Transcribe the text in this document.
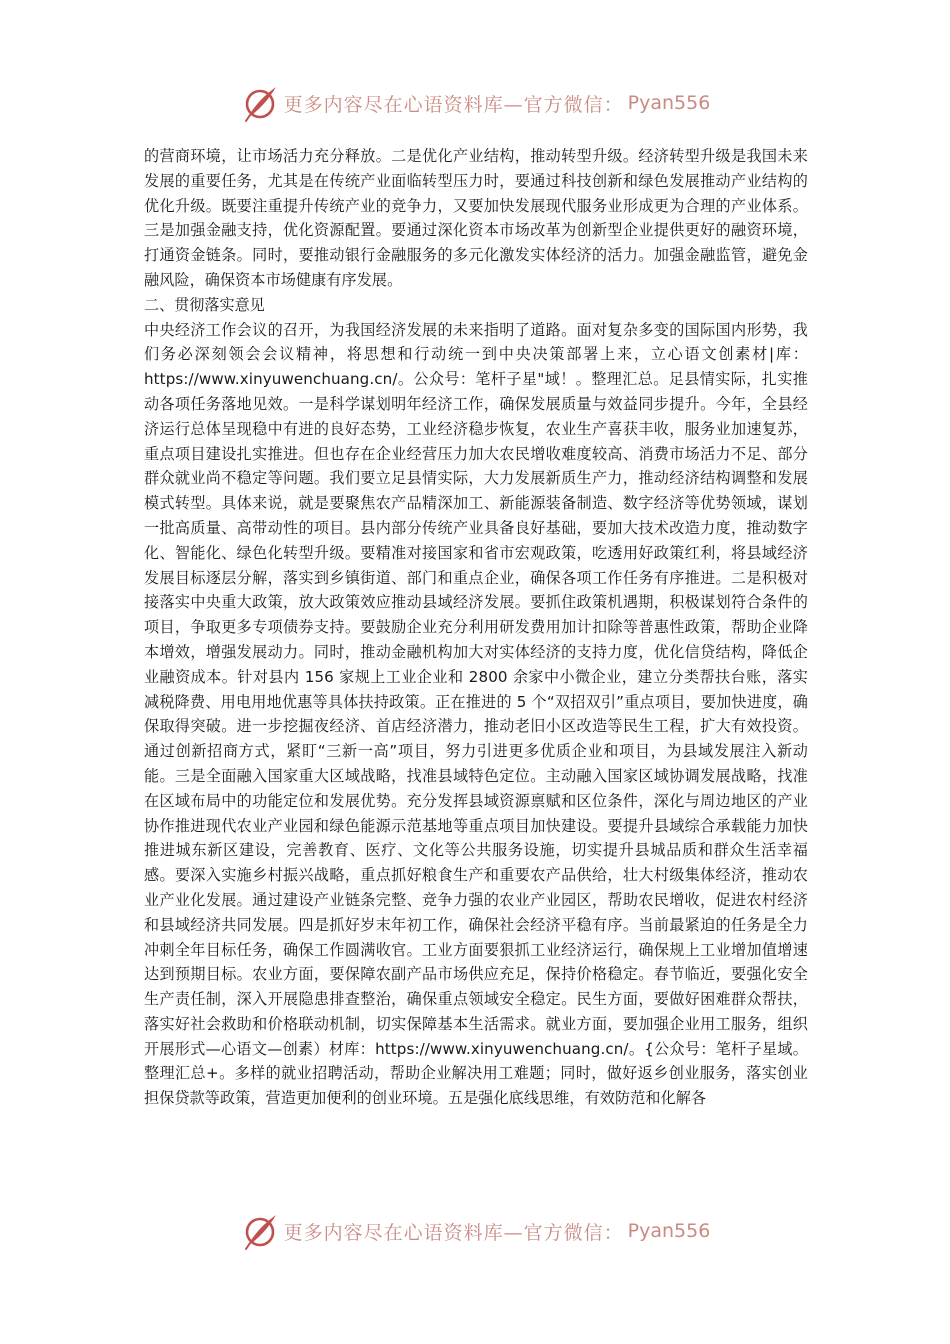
更多内容尽在心语资料库—官方微信： Pyan556

的营商环境，让市场活力充分释放。二是优化产业结构，推动转型升级。经济转型升级是我国未来发展的重要任务，尤其是在传统产业面临转型压力时，要通过科技创新和绿色发展推动产业结构的优化升级。既要注重提升传统产业的竞争力，又要加快发展现代服务业形成更为合理的产业体系。三是加强金融支持，优化资源配置。要通过深化资本市场改革为创新型企业提供更好的融资环境，打通资金链条。同时，要推动银行金融服务的多元化激发实体经济的活力。加强金融监管，避免金融风险，确保资本市场健康有序发展。

二、贯彻落实意见

中央经济工作会议的召开，为我国经济发展的未来指明了道路。面对复杂多变的国际国内形势，我们务必深刻领会会议精神，将思想和行动统一到中央决策部署上来，立心语文创素材|库：https://www.xinyuwenchuang.cn/。公众号：笔杆子星"域！。整理汇总。足县情实际，扎实推动各项任务落地见效。一是科学谋划明年经济工作，确保发展质量与效益同步提升。今年，全县经济运行总体呈现稳中有进的良好态势，工业经济稳步恢复，农业生产喜获丰收，服务业加速复苏，重点项目建设扎实推进。但也存在企业经营压力加大农民增收难度较高、消费市场活力不足、部分群众就业尚不稳定等问题。我们要立足县情实际，大力发展新质生产力，推动经济结构调整和发展模式转型。具体来说，就是要聚焦农产品精深加工、新能源装备制造、数字经济等优势领域，谋划一批高质量、高带动性的项目。县内部分传统产业具备良好基础，要加大技术改造力度，推动数字化、智能化、绿色化转型升级。要精准对接国家和省市宏观政策，吃透用好政策红利，将县域经济发展目标逐层分解，落实到乡镇街道、部门和重点企业，确保各项工作任务有序推进。二是积极对接落实中央重大政策，放大政策效应推动县域经济发展。要抓住政策机遇期，积极谋划符合条件的项目，争取更多专项债券支持。要鼓励企业充分利用研发费用加计扣除等普惠性政策，帮助企业降本增效，增强发展动力。同时，推动金融机构加大对实体经济的支持力度，优化信贷结构，降低企业融资成本。针对县内 156 家规上工业企业和 2800 余家中小微企业，建立分类帮扶台账，落实减税降费、用电用地优惠等具体扶持政策。正在推进的 5 个“双招双引”重点项目，要加快进度，确保取得突破。进一步挖掘夜经济、首店经济潜力，推动老旧小区改造等民生工程，扩大有效投资。通过创新招商方式，紧盯“三新一高”项目，努力引进更多优质企业和项目，为县域发展注入新动能。三是全面融入国家重大区域战略，找准县域特色定位。主动融入国家区域协调发展战略，找准在区域布局中的功能定位和发展优势。充分发挥县域资源禀赋和区位条件，深化与周边地区的产业协作推进现代农业产业园和绿色能源示范基地等重点项目加快建设。要提升县域综合承载能力加快推进城东新区建设，完善教育、医疗、文化等公共服务设施，切实提升县城品质和群众生活幸福感。要深入实施乡村振兴战略，重点抓好粮食生产和重要农产品供给，壮大村级集体经济，推动农业产业化发展。通过建设产业链条完整、竞争力强的农业产业园区，帮助农民增收，促进农村经济和县域经济共同发展。四是抓好岁末年初工作，确保社会经济平稳有序。当前最紧迫的任务是全力冲刺全年目标任务，确保工作圆满收官。工业方面要狠抓工业经济运行，确保规上工业增加值增速达到预期目标。农业方面，要保障农副产品市场供应充足，保持价格稳定。春节临近，要强化安全生产责任制，深入开展隐患排查整治，确保重点领域安全稳定。民生方面，要做好困难群众帮扶，落实好社会救助和价格联动机制，切实保障基本生活需求。就业方面，要加强企业用工服务，组织开展形式—心语文—创素）材库：https://www.xinyuwenchuang.cn/。{公众号：笔杆子星域。整理汇总+。多样的就业招聘活动，帮助企业解决用工难题；同时，做好返乡创业服务，落实创业担保贷款等政策，营造更加便利的创业环境。五是强化底线思维，有效防范和化解各

更多内容尽在心语资料库—官方微信： Pyan556
